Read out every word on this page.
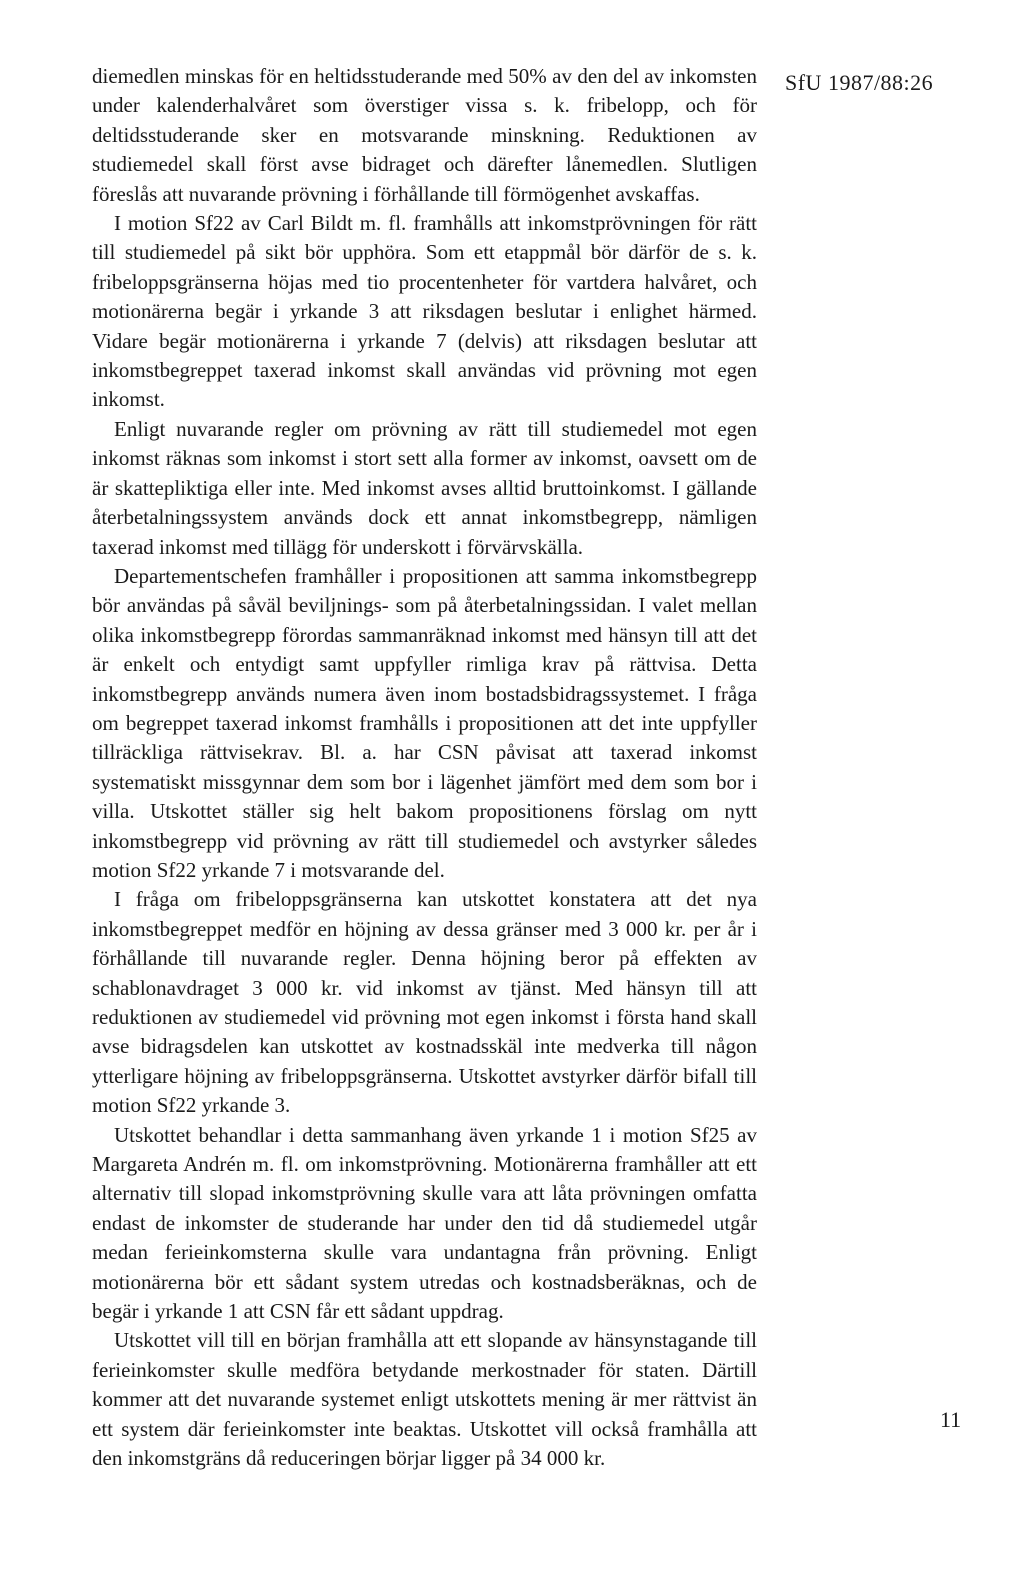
SfU 1987/88:26

diemedlen minskas för en heltidsstuderande med 50% av den del av inkomsten under kalenderhalvåret som överstiger vissa s. k. fribelopp, och för deltidsstuderande sker en motsvarande minskning. Reduktionen av studiemedel skall först avse bidraget och därefter lånemedlen. Slutligen föreslås att nuvarande prövning i förhållande till förmögenhet avskaffas.

I motion Sf22 av Carl Bildt m. fl. framhålls att inkomstprövningen för rätt till studiemedel på sikt bör upphöra. Som ett etappmål bör därför de s. k. fribeloppsgränserna höjas med tio procentenheter för vartdera halvåret, och motionärerna begär i yrkande 3 att riksdagen beslutar i enlighet härmed. Vidare begär motionärerna i yrkande 7 (delvis) att riksdagen beslutar att inkomstbegreppet taxerad inkomst skall användas vid prövning mot egen inkomst.

Enligt nuvarande regler om prövning av rätt till studiemedel mot egen inkomst räknas som inkomst i stort sett alla former av inkomst, oavsett om de är skattepliktiga eller inte. Med inkomst avses alltid bruttoinkomst. I gällande återbetalningssystem används dock ett annat inkomstbegrepp, nämligen taxerad inkomst med tillägg för underskott i förvärvskälla.

Departementschefen framhåller i propositionen att samma inkomstbegrepp bör användas på såväl beviljnings- som på återbetalningssidan. I valet mellan olika inkomstbegrepp förordas sammanräknad inkomst med hänsyn till att det är enkelt och entydigt samt uppfyller rimliga krav på rättvisa. Detta inkomstbegrepp används numera även inom bostadsbidragssystemet. I fråga om begreppet taxerad inkomst framhålls i propositionen att det inte uppfyller tillräckliga rättvisekrav. Bl. a. har CSN påvisat att taxerad inkomst systematiskt missgynnar dem som bor i lägenhet jämfört med dem som bor i villa. Utskottet ställer sig helt bakom propositionens förslag om nytt inkomstbegrepp vid prövning av rätt till studiemedel och avstyrker således motion Sf22 yrkande 7 i motsvarande del.

I fråga om fribeloppsgränserna kan utskottet konstatera att det nya inkomstbegreppet medför en höjning av dessa gränser med 3 000 kr. per år i förhållande till nuvarande regler. Denna höjning beror på effekten av schablonavdraget 3 000 kr. vid inkomst av tjänst. Med hänsyn till att reduktionen av studiemedel vid prövning mot egen inkomst i första hand skall avse bidragsdelen kan utskottet av kostnadsskäl inte medverka till någon ytterligare höjning av fribeloppsgränserna. Utskottet avstyrker därför bifall till motion Sf22 yrkande 3.

Utskottet behandlar i detta sammanhang även yrkande 1 i motion Sf25 av Margareta Andrén m. fl. om inkomstprövning. Motionärerna framhåller att ett alternativ till slopad inkomstprövning skulle vara att låta prövningen omfatta endast de inkomster de studerande har under den tid då studiemedel utgår medan ferieinkomsterna skulle vara undantagna från prövning. Enligt motionärerna bör ett sådant system utredas och kostnadsberäknas, och de begär i yrkande 1 att CSN får ett sådant uppdrag.

Utskottet vill till en början framhålla att ett slopande av hänsynstagande till ferieinkomster skulle medföra betydande merkostnader för staten. Därtill kommer att det nuvarande systemet enligt utskottets mening är mer rättvist än ett system där ferieinkomster inte beaktas. Utskottet vill också framhålla att den inkomstgräns då reduceringen börjar ligger på 34 000 kr.

11
